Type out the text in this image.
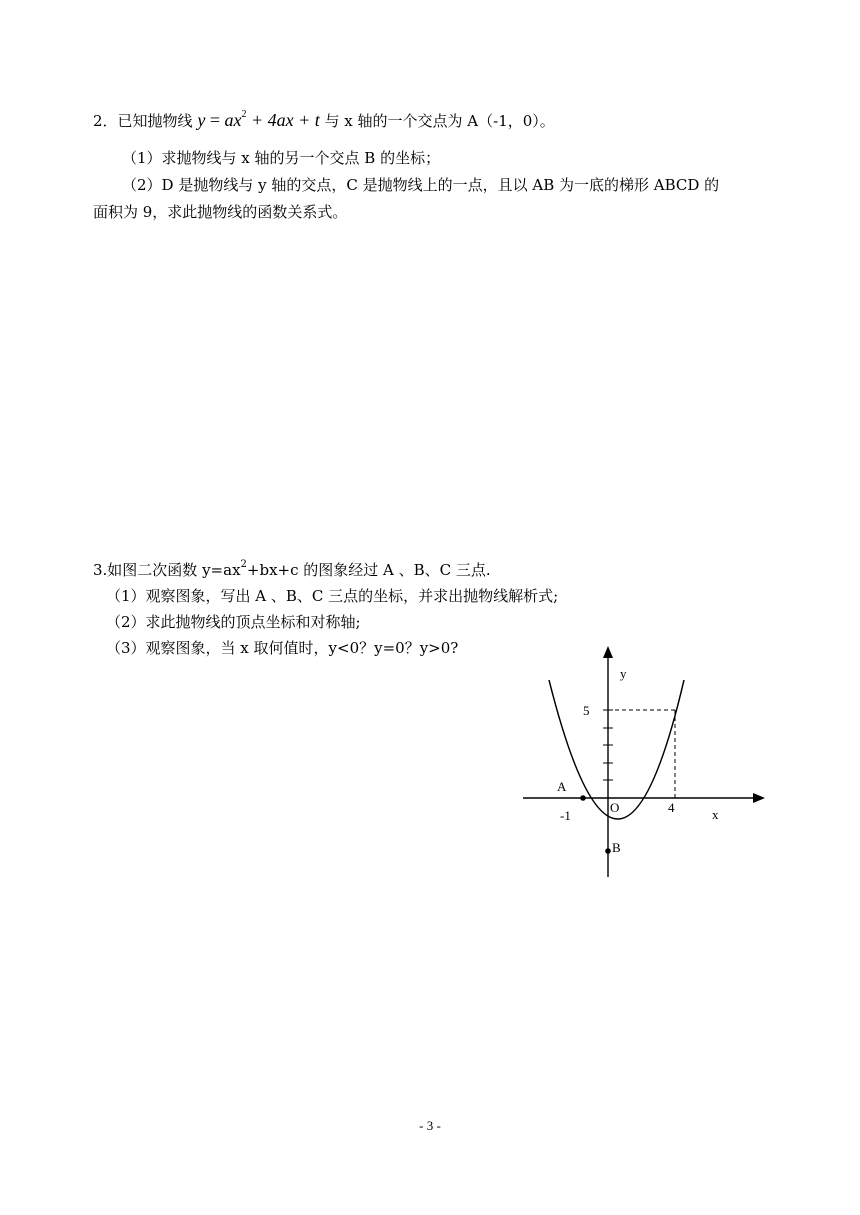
2．已知抛物线 $y = ax^2 + 4ax + t$ 与 x 轴的一个交点为 A（-1，0）。
（1）求抛物线与 x 轴的另一个交点 B 的坐标；
（2）D 是抛物线与 y 轴的交点，C 是抛物线上的一点，且以 AB 为一底的梯形 ABCD 的
面积为 9，求此抛物线的函数关系式。
3.如图二次函数 $y=ax^2+bx+c$ 的图象经过 A 、B、C 三点.
（1）观察图象，写出 A 、B、C 三点的坐标，并求出抛物线解析式;
（2）求此抛物线的顶点坐标和对称轴;
（3）观察图象，当 x 取何值时，y<0？y=0？y>0?
y
x
O
A
B
5
4
-1
- 3 -
